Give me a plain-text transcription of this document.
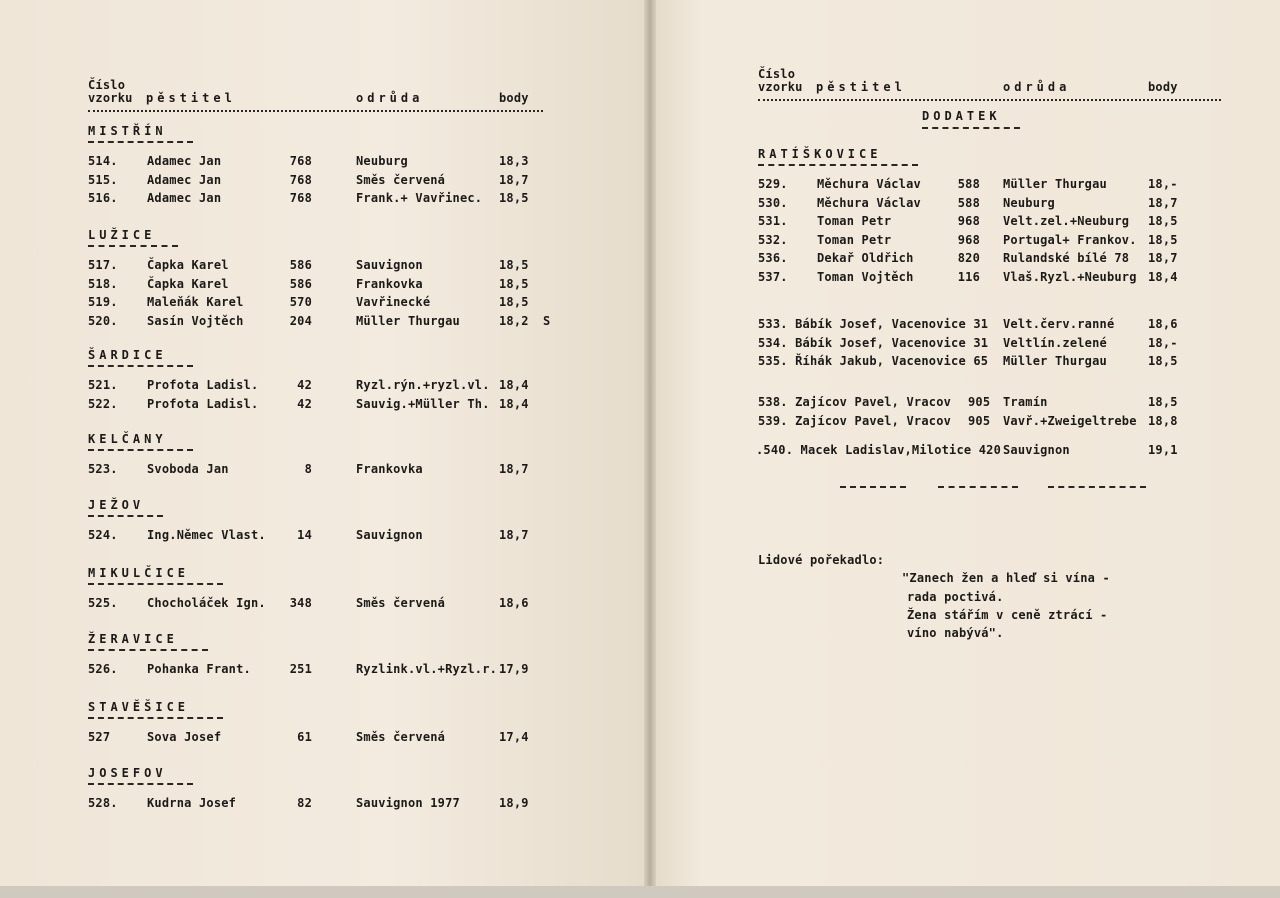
Číslo
vzorku pěstitel	odrůda	body
MISTŘÍN
514. Adamec Jan	768	Neuburg	18,3
515. Adamec Jan	768	Směs červená	18,7
516. Adamec Jan	768	Frank.+ Vavřinec. 18,5
LUŽICE
517. Čapka Karel	586	Sauvignon	18,5
518. Čapka Karel	586	Frankovka	18,5
519. Maleňák Karel	570	Vavřinecké	18,5
520. Sasín Vojtěch	204	Müller Thurgau	18,2 S
ŠARDICE
521. Profota Ladisl.	42	Ryzl.rýn.+ryzl.vl. 18,4
522. Profota Ladisl.	42	Sauvig.+Müller Th. 18,4
KELČANY
523. Svoboda Jan	8	Frankovka	18,7
JEŽOV
524. Ing.Němec Vlast.	14	Sauvignon	18,7
MIKULČICE
525. Chocholáček Ign.	348	Směs červená	18,6
ŽERAVICE
526. Pohanka Frant.	251	Ryzlink.vl.+Ryzl.r. 17,9
STAVĚŠICE
527	Sova Josef	61	Směs červená	17,4
JOSEFOV
528. Kudrna Josef	82	Sauvignon 1977	18,9
Číslo
vzorku pěstitel	odrůda	body
DODATEK
RATÍŠKOVICE
529. Měchura Václav	588 Müller Thurgau	18,-
530. Měchura Václav	588 Neuburg	18,7
531. Toman Petr	968 Velt.zel.+Neuburg 18,5
532. Toman Petr	968 Portugal+ Frankov. 18,5
536. Dekař Oldřich	820 Rulandské bílé 78 18,7
537. Toman Vojtěch	116 Vlaš.Ryzl.+Neuburg 18,4
533. Bábík Josef, Vacenovice 31 Velt.červ.ranné	18,6
534. Bábík Josef, Vacenovice 31 Veltlín.zelené	18,-
535. Říhák Jakub, Vacenovice 65 Müller Thurgau	18,5
538. Zajícov Pavel, Vracov 905 Tramín	18,5
539. Zajícov Pavel, Vracov 905 Vavř.+Zweigeltrebe 18,8
.540. Macek Ladislav,Milotice 420 Sauvignon	19,1
Lidové pořekadlo:
"Zanech žen a hleď si vína -
rada poctivá.
Žena stářím v ceně ztrácí -
víno nabývá".
